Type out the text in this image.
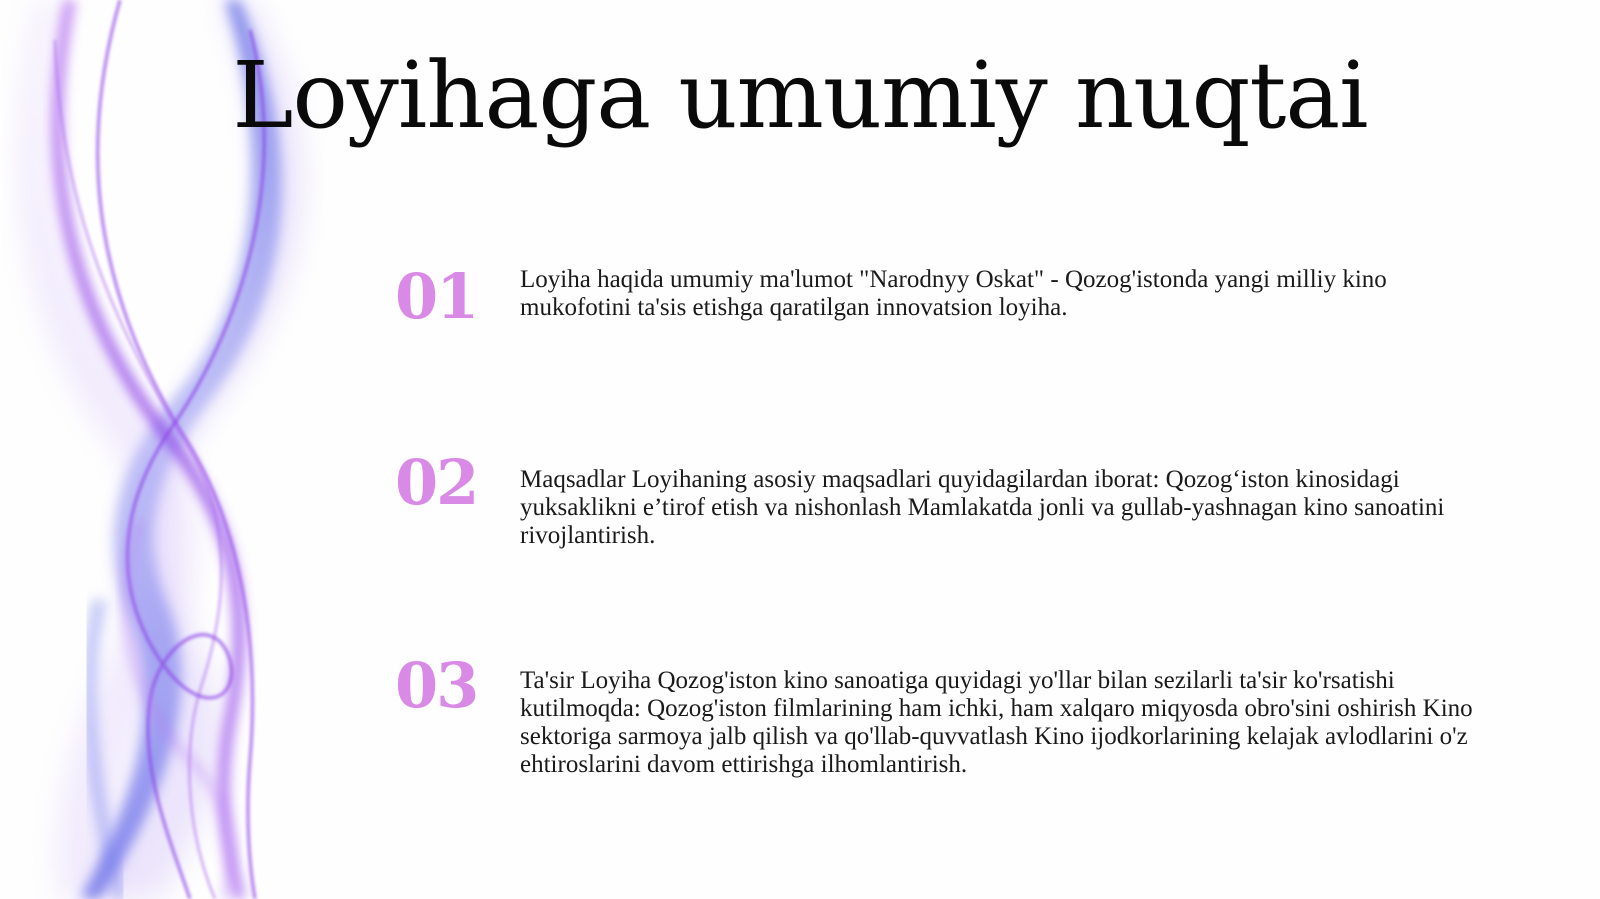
Loyihaga umumiy nuqtai
01	Loyiha haqida umumiy ma'lumot "Narodnyy Oskat" - Qozog'istonda yangi milliy kino mukofotini ta'sis etishga qaratilgan innovatsion loyiha.
02	Maqsadlar Loyihaning asosiy maqsadlari quyidagilardan iborat: Qozog‘iston kinosidagi yuksaklikni e’tirof etish va nishonlash Mamlakatda jonli va gullab-yashnagan kino sanoatini rivojlantirish.
03	Ta'sir Loyiha Qozog'iston kino sanoatiga quyidagi yo'llar bilan sezilarli ta'sir ko'rsatishi kutilmoqda: Qozog'iston filmlarining ham ichki, ham xalqaro miqyosda obro'sini oshirish Kino sektoriga sarmoya jalb qilish va qo'llab-quvvatlash Kino ijodkorlarining kelajak avlodlarini o'z ehtiroslarini davom ettirishga ilhomlantirish.
